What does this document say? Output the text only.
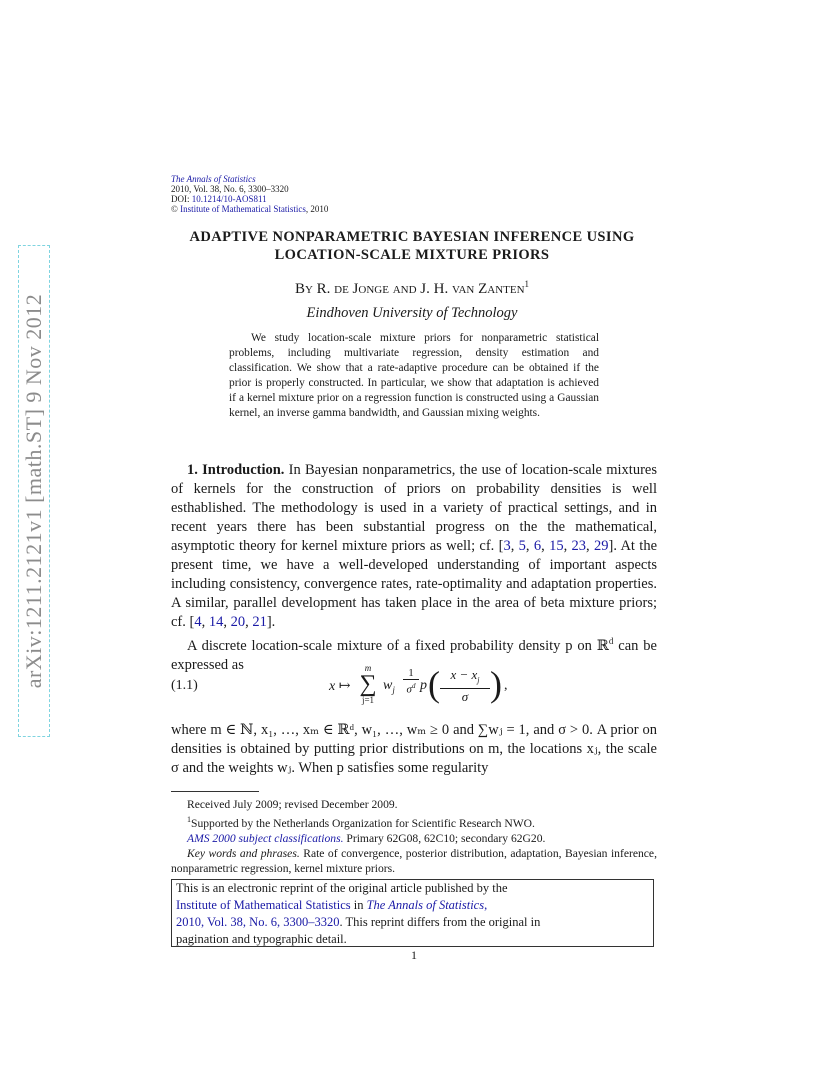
arXiv:1211.2121v1 [math.ST] 9 Nov 2012
The Annals of Statistics
2010, Vol. 38, No. 6, 3300–3320
DOI: 10.1214/10-AOS811
© Institute of Mathematical Statistics, 2010
ADAPTIVE NONPARAMETRIC BAYESIAN INFERENCE USING
LOCATION-SCALE MIXTURE PRIORS
By R. de Jonge and J. H. van Zanten$^1$
Eindhoven University of Technology
We study location-scale mixture priors for nonparametric statistical problems, including multivariate regression, density estimation and classification. We show that a rate-adaptive procedure can be obtained if the prior is properly constructed. In particular, we show that adaptation is achieved if a kernel mixture prior on a regression function is constructed using a Gaussian kernel, an inverse gamma bandwidth, and Gaussian mixing weights.

1. Introduction. In Bayesian nonparametrics, the use of location-scale mixtures of kernels for the construction of priors on probability densities is well esthablished. The methodology is used in a variety of practical settings, and in recent years there has been substantial progress on the the mathematical, asymptotic theory for kernel mixture priors as well; cf. [3, 5, 6, 15, 23, 29]. At the present time, we have a well-developed understanding of important aspects including consistency, convergence rates, rate-optimality and adaptation properties. A similar, parallel development has taken place in the area of beta mixture priors; cf. [4, 14, 20, 21].

A discrete location-scale mixture of a fixed probability density p on ℝ$^d$ can be expressed as

(1.1)	x ↦
m
∑
j=1
$w_j$
1
$\sigma^d$ p ( $x - x_j$
σ ) ,
where m ∈ ℕ, x₁, …, xₘ ∈ ℝᵈ, w₁, …, wₘ ≥ 0 and ∑wⱼ = 1, and σ > 0. A prior on densities is obtained by putting prior distributions on m, the locations xⱼ, the scale σ and the weights wⱼ. When p satisfies some regularity
Received July 2009; revised December 2009.
$^1$Supported by the Netherlands Organization for Scientific Research NWO.
AMS 2000 subject classifications. Primary 62G08, 62C10; secondary 62G20.
Key words and phrases. Rate of convergence, posterior distribution, adaptation, Bayesian inference, nonparametric regression, kernel mixture priors.
This is an electronic reprint of the original article published by the
Institute of Mathematical Statistics in The Annals of Statistics,
2010, Vol. 38, No. 6, 3300–3320. This reprint differs from the original in
pagination and typographic detail.
1
